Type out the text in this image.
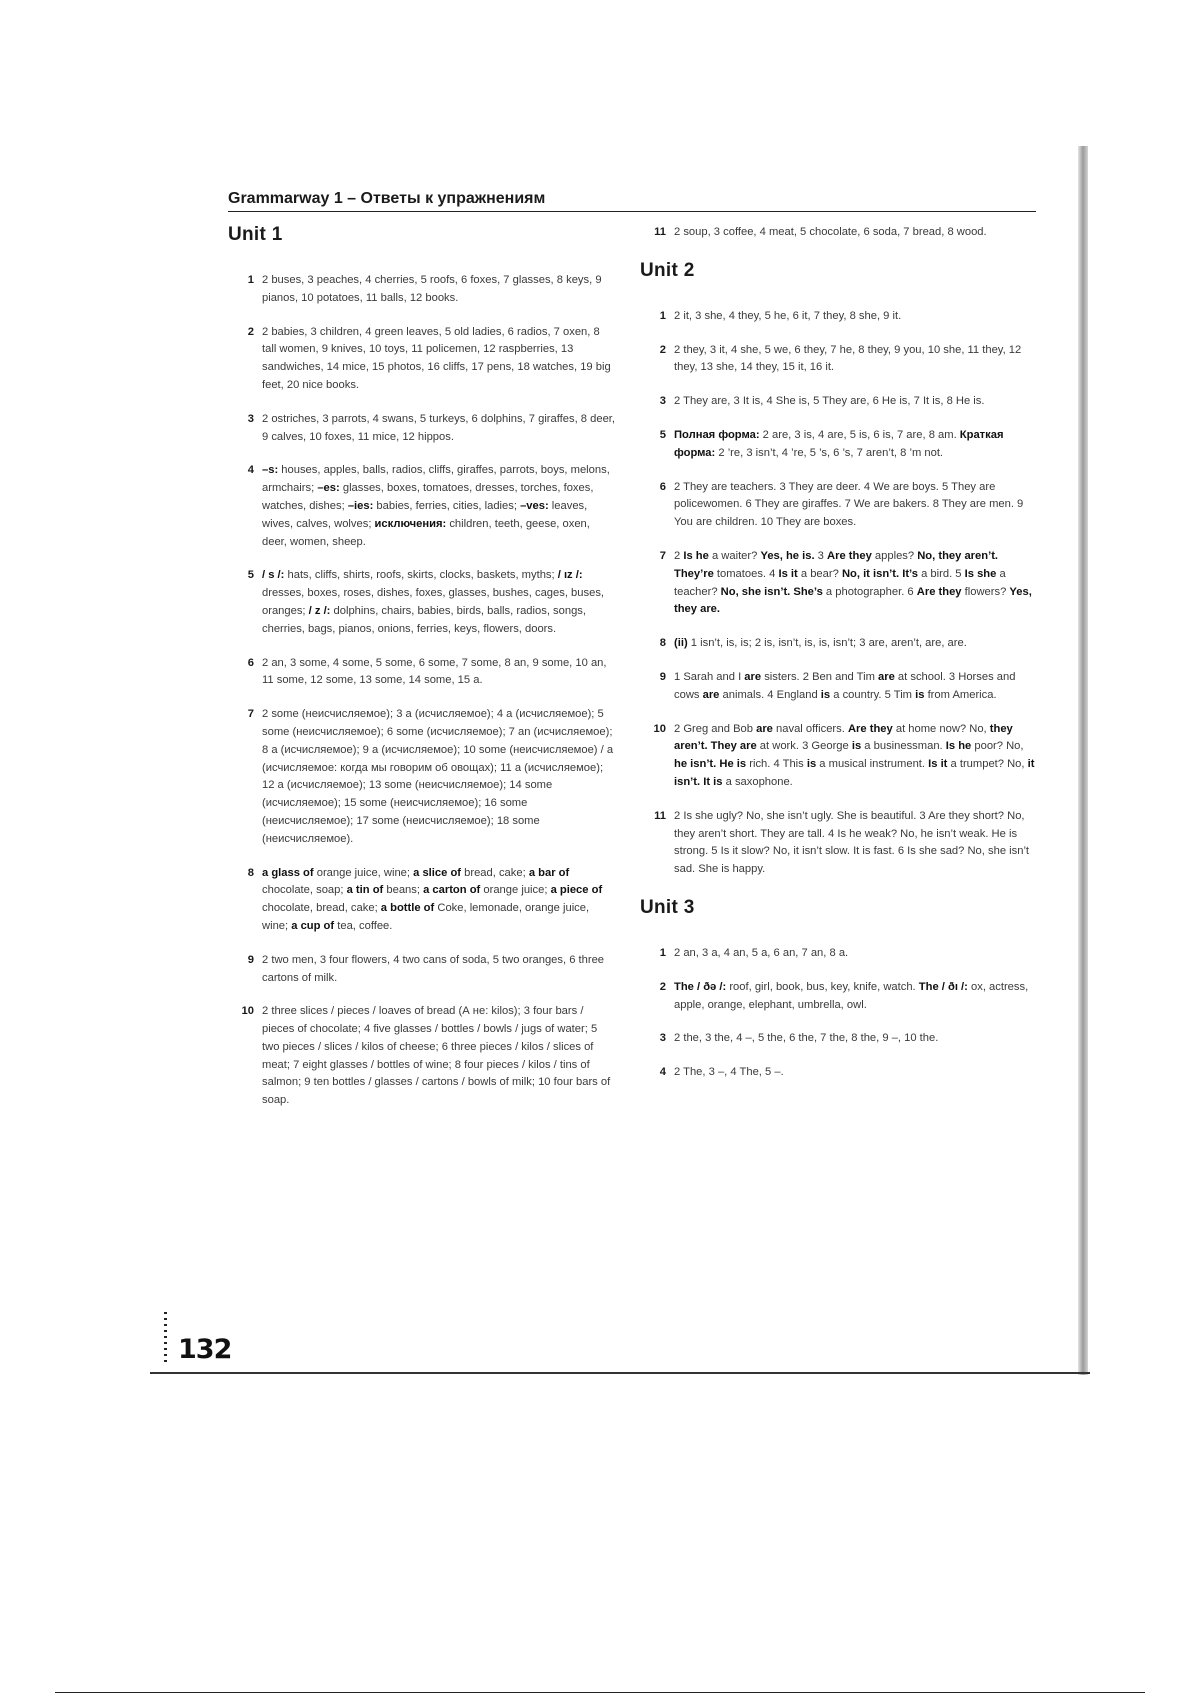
Grammarway 1 – Ответы к упражнениям
Unit 1
1 2 buses, 3 peaches, 4 cherries, 5 roofs, 6 foxes, 7 glasses, 8 keys, 9 pianos, 10 potatoes, 11 balls, 12 books.
2 2 babies, 3 children, 4 green leaves, 5 old ladies, 6 radios, 7 oxen, 8 tall women, 9 knives, 10 toys, 11 policemen, 12 raspberries, 13 sandwiches, 14 mice, 15 photos, 16 cliffs, 17 pens, 18 watches, 19 big feet, 20 nice books.
3 2 ostriches, 3 parrots, 4 swans, 5 turkeys, 6 dolphins, 7 giraffes, 8 deer, 9 calves, 10 foxes, 11 mice, 12 hippos.
4 –s: houses, apples, balls, radios, cliffs, giraffes, parrots, boys, melons, armchairs; –es: glasses, boxes, tomatoes, dresses, torches, foxes, watches, dishes; –ies: babies, ferries, cities, ladies; –ves: leaves, wives, calves, wolves; исключения: children, teeth, geese, oxen, deer, women, sheep.
5 / s /: hats, cliffs, shirts, roofs, skirts, clocks, baskets, myths; / ız /: dresses, boxes, roses, dishes, foxes, glasses, bushes, cages, buses, oranges; / z /: dolphins, chairs, babies, birds, balls, radios, songs, cherries, bags, pianos, onions, ferries, keys, flowers, doors.
6 2 an, 3 some, 4 some, 5 some, 6 some, 7 some, 8 an, 9 some, 10 an, 11 some, 12 some, 13 some, 14 some, 15 a.
7 2 some (неисчисляемое); 3 a (исчисляемое); 4 a (исчисляемое); 5 some (неисчисляемое); 6 some (исчисляемое); 7 an (исчисляемое); 8 a (исчисляемое); 9 a (исчисляемое); 10 some (неисчисляемое) / a (исчисляемое: когда мы говорим об овощах); 11 a (исчисляемое); 12 a (исчисляемое); 13 some (неисчисляемое); 14 some (исчисляемое); 15 some (неисчисляемое); 16 some (неисчисляемое); 17 some (неисчисляемое); 18 some (неисчисляемое).
8 a glass of orange juice, wine; a slice of bread, cake; a bar of chocolate, soap; a tin of beans; a carton of orange juice; a piece of chocolate, bread, cake; a bottle of Coke, lemonade, orange juice, wine; a cup of tea, coffee.
9 2 two men, 3 four flowers, 4 two cans of soda, 5 two oranges, 6 three cartons of milk.
10 2 three slices / pieces / loaves of bread (А не: kilos); 3 four bars / pieces of chocolate; 4 five glasses / bottles / bowls / jugs of water; 5 two pieces / slices / kilos of cheese; 6 three pieces / kilos / slices of meat; 7 eight glasses / bottles of wine; 8 four pieces / kilos / tins of salmon; 9 ten bottles / glasses / cartons / bowls of milk; 10 four bars of soap.
11 2 soup, 3 coffee, 4 meat, 5 chocolate, 6 soda, 7 bread, 8 wood.
Unit 2
1 2 it, 3 she, 4 they, 5 he, 6 it, 7 they, 8 she, 9 it.
2 2 they, 3 it, 4 she, 5 we, 6 they, 7 he, 8 they, 9 you, 10 she, 11 they, 12 they, 13 she, 14 they, 15 it, 16 it.
3 2 They are, 3 It is, 4 She is, 5 They are, 6 He is, 7 It is, 8 He is.
5 Полная форма: 2 are, 3 is, 4 are, 5 is, 6 is, 7 are, 8 am. Краткая форма: 2 ’re, 3 isn’t, 4 ’re, 5 ’s, 6 ’s, 7 aren’t, 8 ’m not.
6 2 They are teachers. 3 They are deer. 4 We are boys. 5 They are policewomen. 6 They are giraffes. 7 We are bakers. 8 They are men. 9 You are children. 10 They are boxes.
7 2 Is he a waiter? Yes, he is. 3 Are they apples? No, they aren’t. They’re tomatoes. 4 Is it a bear? No, it isn’t. It’s a bird. 5 Is she a teacher? No, she isn’t. She’s a photographer. 6 Are they flowers? Yes, they are.
8 (ii) 1 isn’t, is, is; 2 is, isn’t, is, is, isn’t; 3 are, aren’t, are, are.
9 1 Sarah and I are sisters. 2 Ben and Tim are at school. 3 Horses and cows are animals. 4 England is a country. 5 Tim is from America.
10 2 Greg and Bob are naval officers. Are they at home now? No, they aren’t. They are at work. 3 George is a businessman. Is he poor? No, he isn’t. He is rich. 4 This is a musical instrument. Is it a trumpet? No, it isn’t. It is a saxophone.
11 2 Is she ugly? No, she isn’t ugly. She is beautiful. 3 Are they short? No, they aren’t short. They are tall. 4 Is he weak? No, he isn’t weak. He is strong. 5 Is it slow? No, it isn’t slow. It is fast. 6 Is she sad? No, she isn’t sad. She is happy.
Unit 3
1 2 an, 3 a, 4 an, 5 a, 6 an, 7 an, 8 a.
2 The / ðə /: roof, girl, book, bus, key, knife, watch. The / ðı /: ox, actress, apple, orange, elephant, umbrella, owl.
3 2 the, 3 the, 4 –, 5 the, 6 the, 7 the, 8 the, 9 –, 10 the.
4 2 The, 3 –, 4 The, 5 –.
132
